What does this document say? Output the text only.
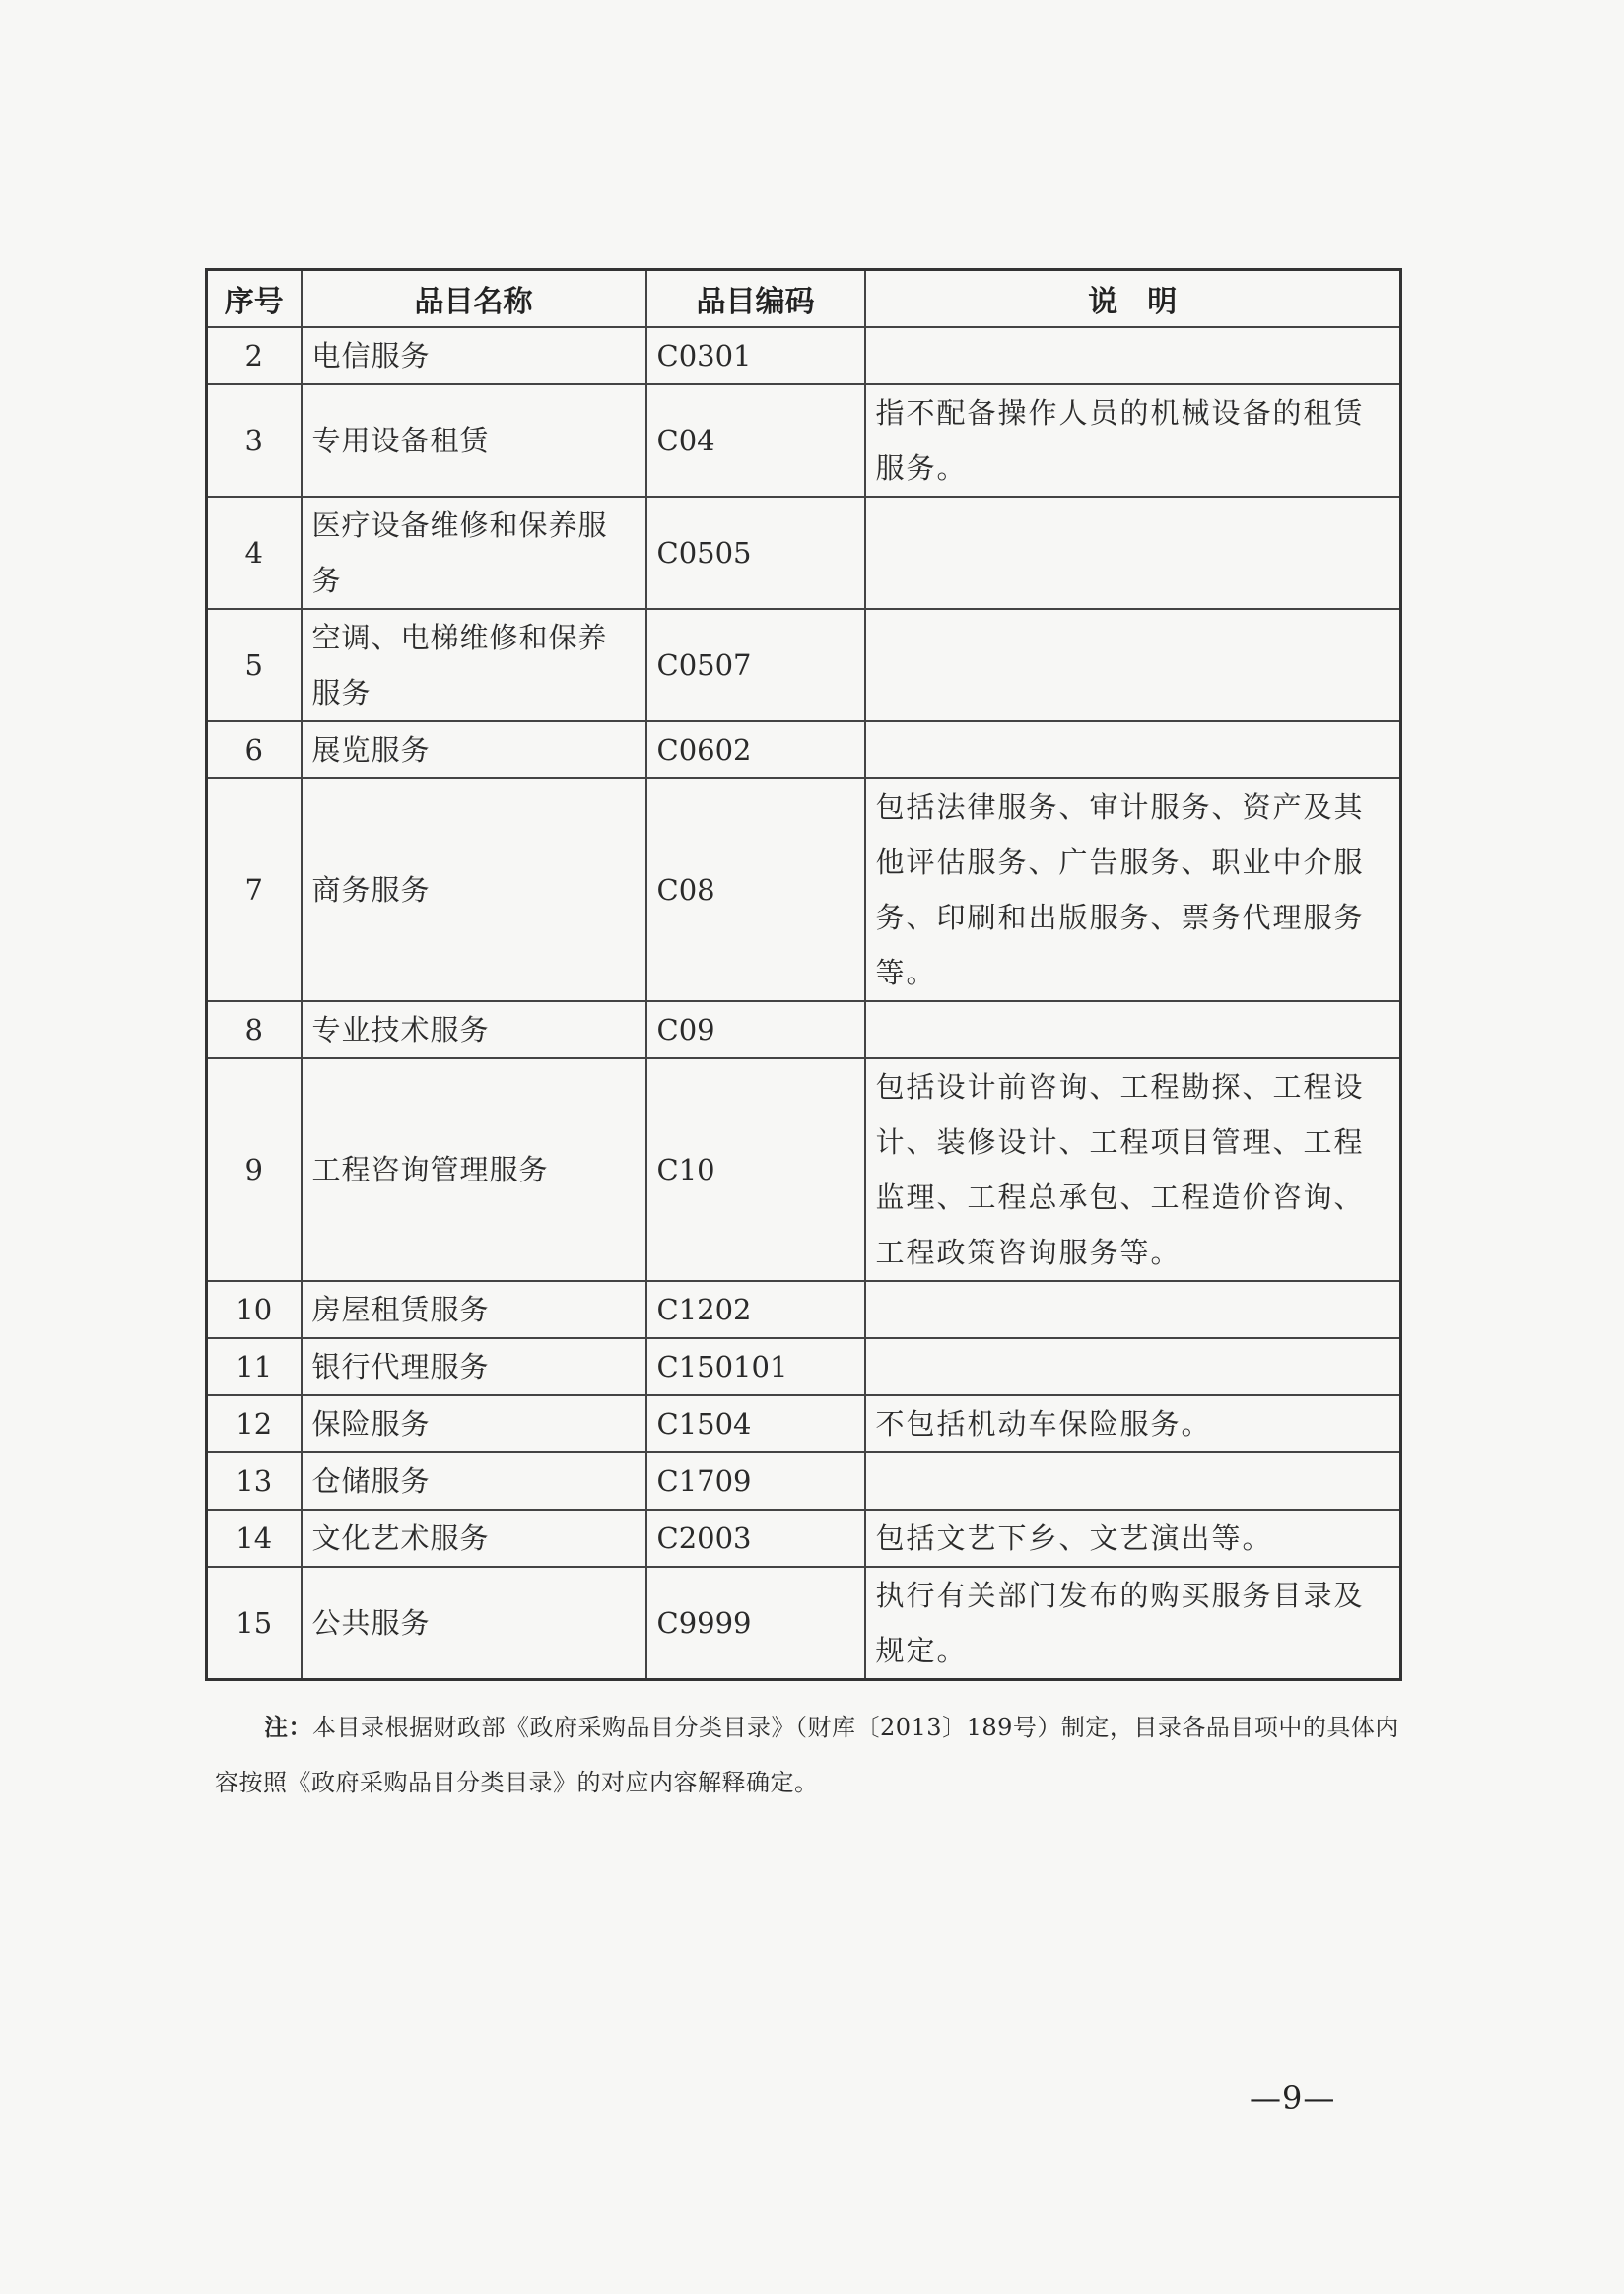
序号	品目名称	品目编码	说　明
2	电信服务	C0301	
3	专用设备租赁	C04	指不配备操作人员的机械设备的租赁服务。
4	医疗设备维修和保养服务	C0505	
5	空调、电梯维修和保养服务	C0507	
6	展览服务	C0602	
7	商务服务	C08	包括法律服务、审计服务、资产及其他评估服务、广告服务、职业中介服务、印刷和出版服务、票务代理服务等。
8	专业技术服务	C09	
9	工程咨询管理服务	C10	包括设计前咨询、工程勘探、工程设计、装修设计、工程项目管理、工程监理、工程总承包、工程造价咨询、工程政策咨询服务等。
10	房屋租赁服务	C1202	
11	银行代理服务	C150101	
12	保险服务	C1504	不包括机动车保险服务。
13	仓储服务	C1709	
14	文化艺术服务	C2003	包括文艺下乡、文艺演出等。
15	公共服务	C9999	执行有关部门发布的购买服务目录及规定。
注：本目录根据财政部《政府采购品目分类目录》（财库〔2013〕189号）制定，目录各品目项中的具体内容按照《政府采购品目分类目录》的对应内容解释确定。
—9—
